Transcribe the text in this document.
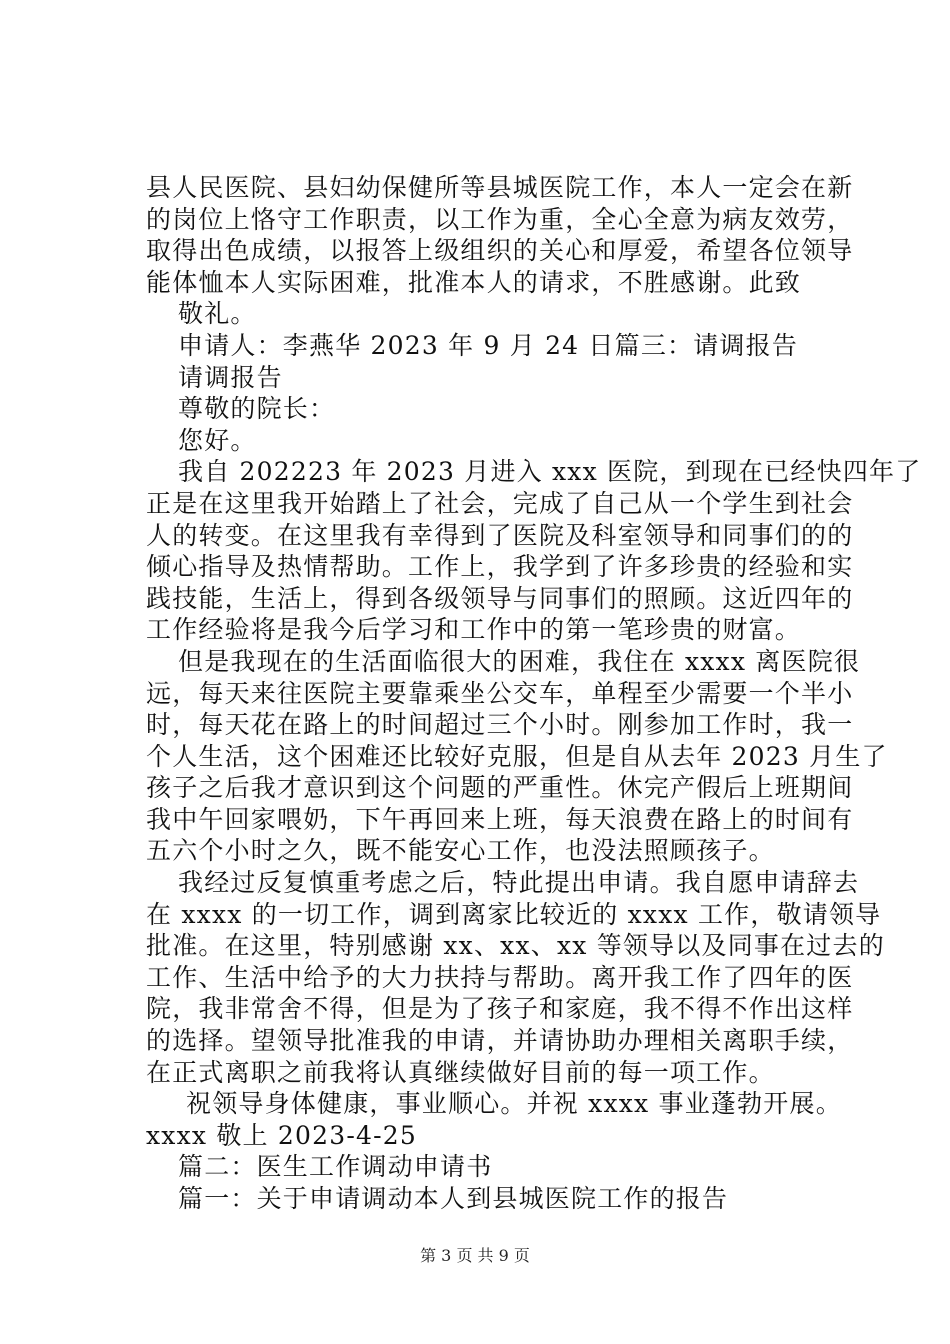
县人民医院、县妇幼保健所等县城医院工作，本人一定会在新
的岗位上恪守工作职责，以工作为重，全心全意为病友效劳，
取得出色成绩，以报答上级组织的关心和厚爱，希望各位领导
能体恤本人实际困难，批准本人的请求，不胜感谢。此致
敬礼。
申请人：李燕华 2023 年 9 月 24 日篇三：请调报告
请调报告
尊敬的院长：
您好。
我自 202223 年 2023 月进入 xxx 医院，到现在已经快四年了
正是在这里我开始踏上了社会，完成了自己从一个学生到社会
人的转变。在这里我有幸得到了医院及科室领导和同事们的的
倾心指导及热情帮助。工作上，我学到了许多珍贵的经验和实
践技能，生活上，得到各级领导与同事们的照顾。这近四年的
工作经验将是我今后学习和工作中的第一笔珍贵的财富。
但是我现在的生活面临很大的困难，我住在 xxxx 离医院很
远，每天来往医院主要靠乘坐公交车，单程至少需要一个半小
时，每天花在路上的时间超过三个小时。刚参加工作时，我一
个人生活，这个困难还比较好克服，但是自从去年 2023 月生了
孩子之后我才意识到这个问题的严重性。休完产假后上班期间
我中午回家喂奶，下午再回来上班，每天浪费在路上的时间有
五六个小时之久，既不能安心工作，也没法照顾孩子。
我经过反复慎重考虑之后，特此提出申请。我自愿申请辞去
在 xxxx 的一切工作，调到离家比较近的 xxxx 工作，敬请领导
批准。在这里，特别感谢 xx、xx、xx 等领导以及同事在过去的
工作、生活中给予的大力扶持与帮助。离开我工作了四年的医
院，我非常舍不得，但是为了孩子和家庭，我不得不作出这样
的选择。望领导批准我的申请，并请协助办理相关离职手续，
在正式离职之前我将认真继续做好目前的每一项工作。
祝领导身体健康，事业顺心。并祝 xxxx 事业蓬勃开展。
xxxx 敬上 2023-4-25
篇二：医生工作调动申请书
篇一：关于申请调动本人到县城医院工作的报告
第 3 页 共 9 页
